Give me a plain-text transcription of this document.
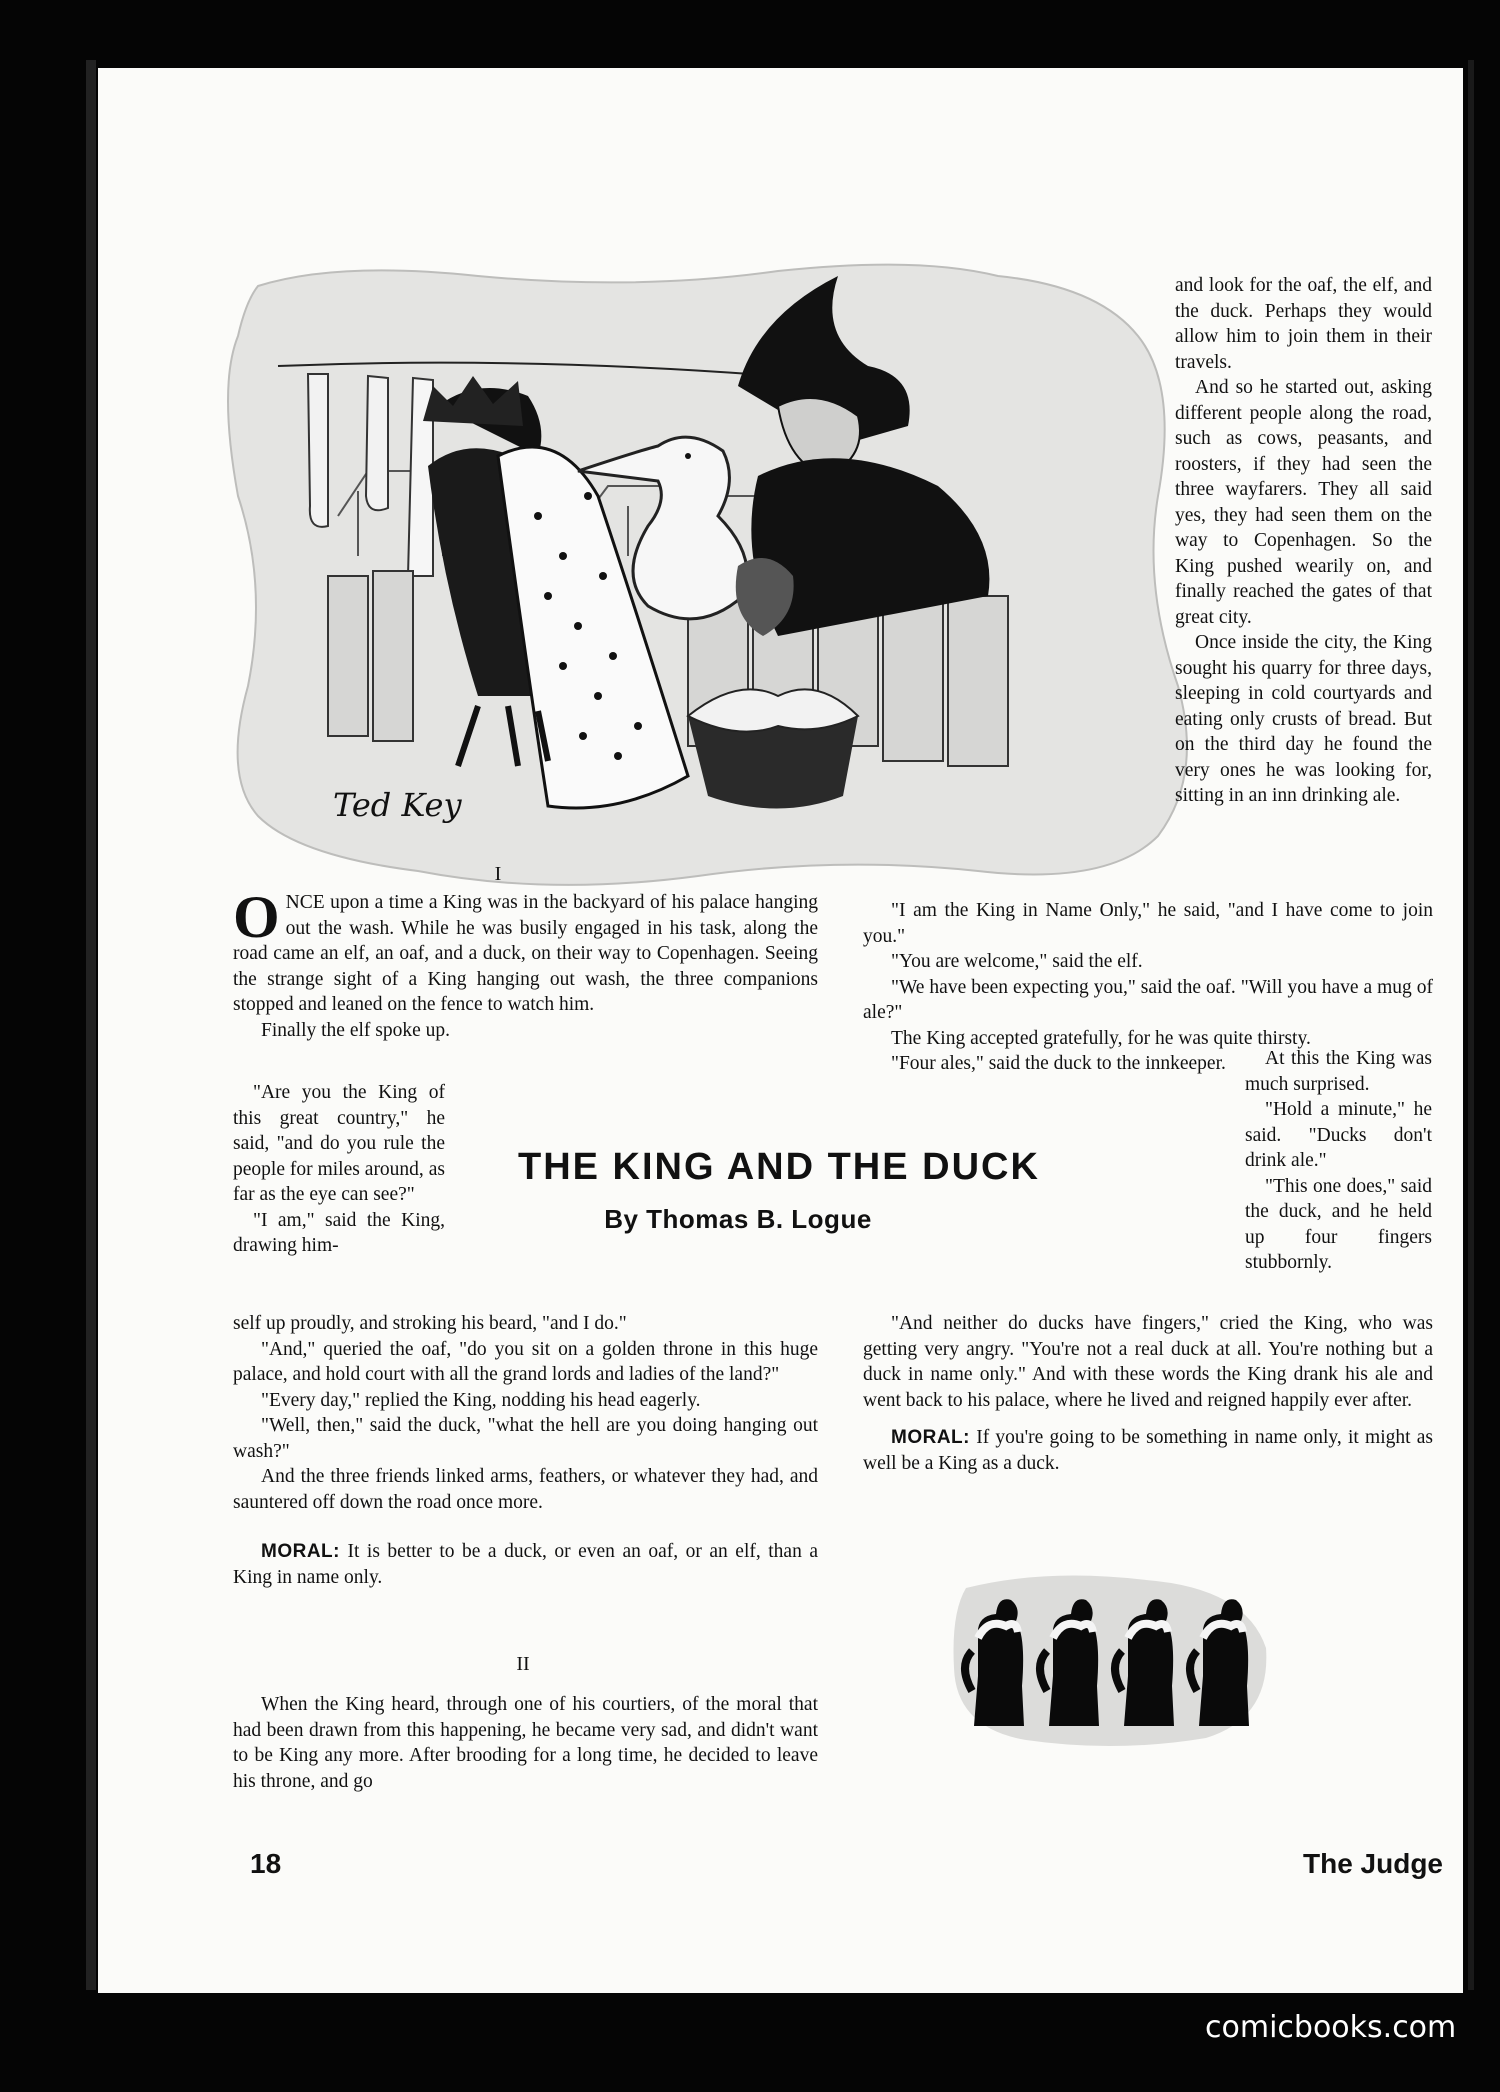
Ted Key

and look for the oaf, the elf, and the duck. Perhaps they would allow him to join them in their travels.

And so he started out, asking different people along the road, such as cows, peasants, and roosters, if they had seen the three wayfarers. They all said yes, they had seen them on the way to Copenhagen. So the King pushed wearily on, and finally reached the gates of that great city.

Once inside the city, the King sought his quarry for three days, sleeping in cold courtyards and eating only crusts of bread. But on the third day he found the very ones he was looking for, sitting in an inn drinking ale.

I

ONCE upon a time a King was in the backyard of his palace hanging out the wash. While he was busily engaged in his task, along the road came an elf, an oaf, and a duck, on their way to Copenhagen. Seeing the strange sight of a King hanging out wash, the three companions stopped and leaned on the fence to watch him.

Finally the elf spoke up.

"Are you the King of this great country," he said, "and do you rule the people for miles around, as far as the eye can see?"

"I am," said the King, drawing him-

THE KING AND THE DUCK
By Thomas B. Logue

self up proudly, and stroking his beard, "and I do."

"And," queried the oaf, "do you sit on a golden throne in this huge palace, and hold court with all the grand lords and ladies of the land?"

"Every day," replied the King, nodding his head eagerly.

"Well, then," said the duck, "what the hell are you doing hanging out wash?"

And the three friends linked arms, feathers, or whatever they had, and sauntered off down the road once more.

MORAL: It is better to be a duck, or even an oaf, or an elf, than a King in name only.

II

When the King heard, through one of his courtiers, of the moral that had been drawn from this happening, he became very sad, and didn't want to be King any more. After brooding for a long time, he decided to leave his throne, and go

"I am the King in Name Only," he said, "and I have come to join you."

"You are welcome," said the elf.

"We have been expecting you," said the oaf. "Will you have a mug of ale?"

The King accepted gratefully, for he was quite thirsty.

"Four ales," said the duck to the innkeeper.	At this the King was much surprised.

"Hold a minute," he said. "Ducks don't drink ale."

"This one does," said the duck, and he held up four fingers stubbornly.

"And neither do ducks have fingers," cried the King, who was getting very angry. "You're not a real duck at all. You're nothing but a duck in name only." And with these words the King drank his ale and went back to his palace, where he lived and reigned happily ever after.

MORAL: If you're going to be something in name only, it might as well be a King as a duck.

18	The Judge
comicbooks.com
